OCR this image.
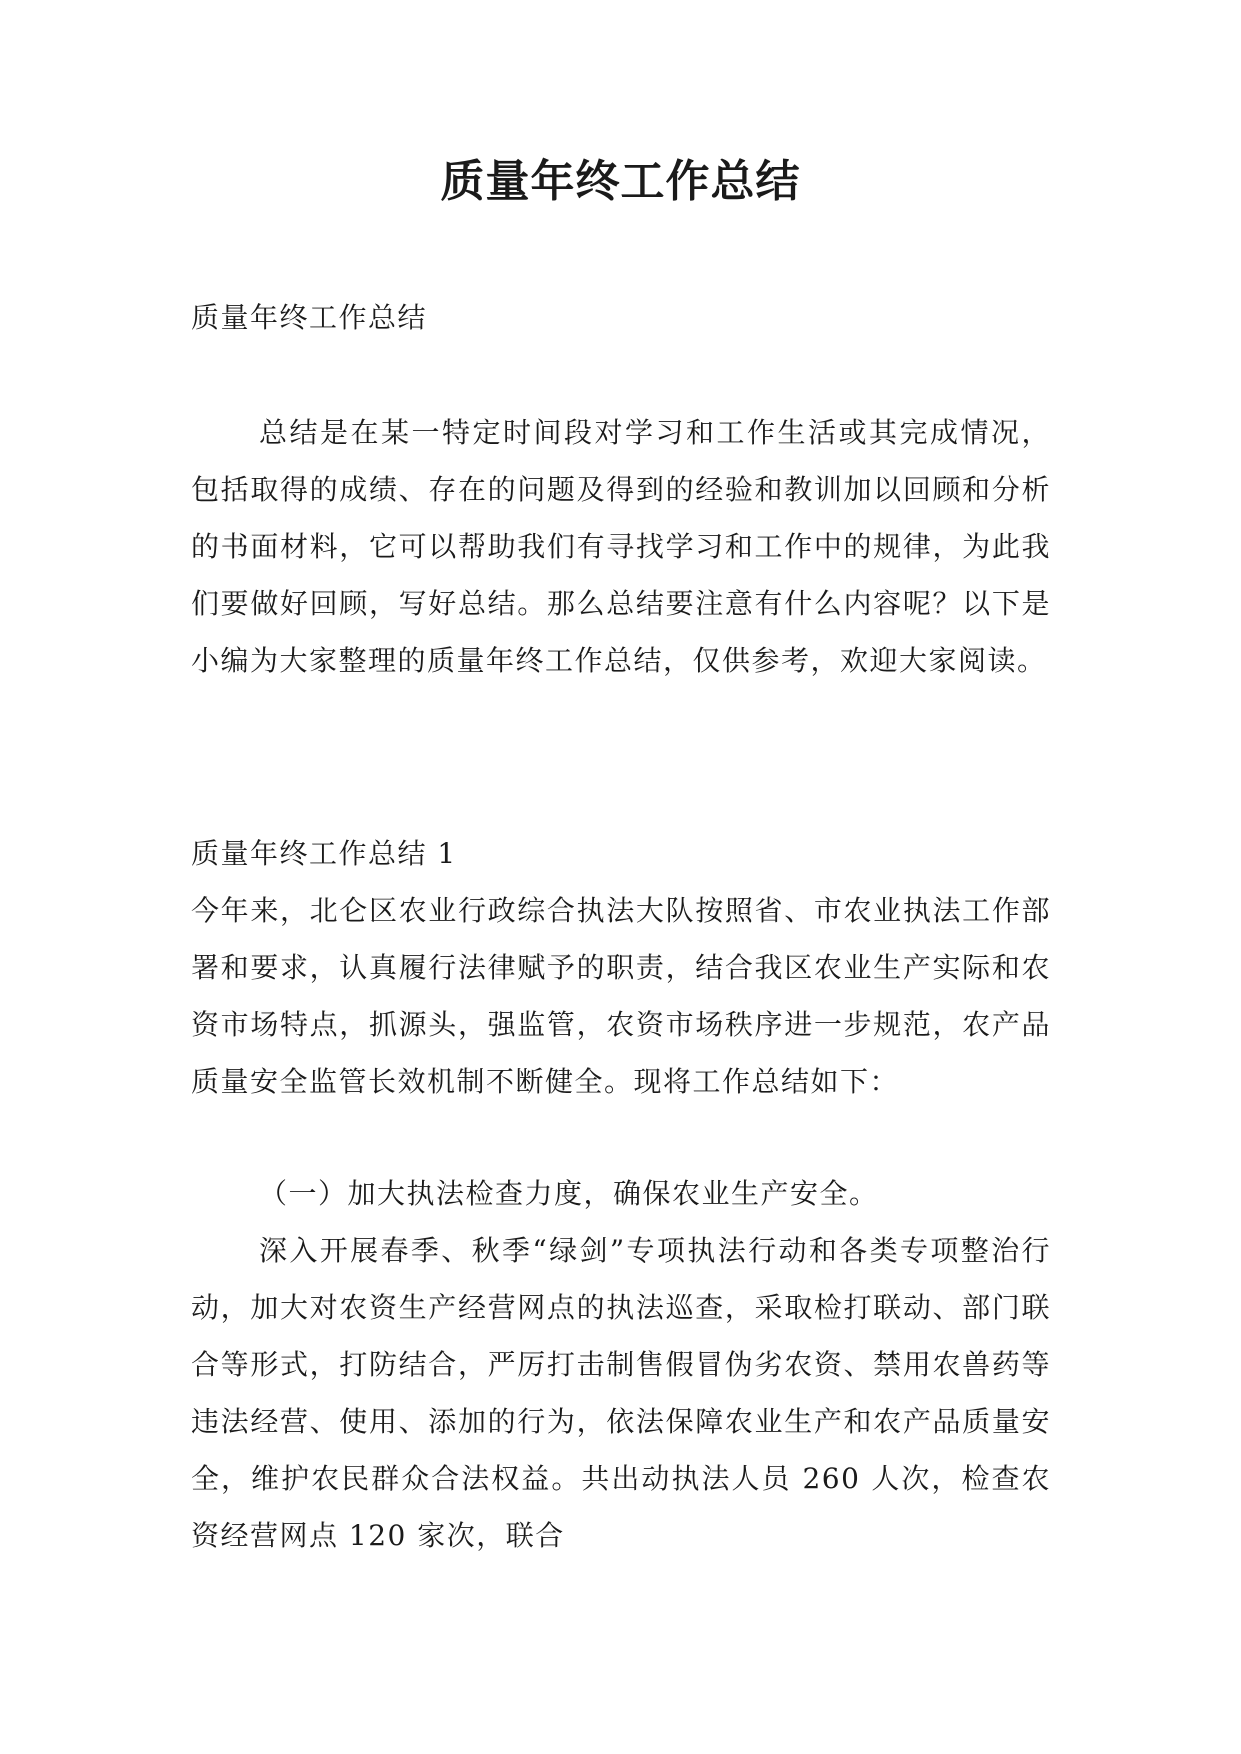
质量年终工作总结

质量年终工作总结

总结是在某一特定时间段对学习和工作生活或其完成情况，包括取得的成绩、存在的问题及得到的经验和教训加以回顾和分析的书面材料，它可以帮助我们有寻找学习和工作中的规律，为此我们要做好回顾，写好总结。那么总结要注意有什么内容呢？以下是小编为大家整理的质量年终工作总结，仅供参考，欢迎大家阅读。

质量年终工作总结 1
今年来，北仑区农业行政综合执法大队按照省、市农业执法工作部署和要求，认真履行法律赋予的职责，结合我区农业生产实际和农资市场特点，抓源头，强监管，农资市场秩序进一步规范，农产品质量安全监管长效机制不断健全。现将工作总结如下：

（一）加大执法检查力度，确保农业生产安全。

深入开展春季、秋季“绿剑”专项执法行动和各类专项整治行动，加大对农资生产经营网点的执法巡查，采取检打联动、部门联合等形式，打防结合，严厉打击制售假冒伪劣农资、禁用农兽药等违法经营、使用、添加的行为，依法保障农业生产和农产品质量安全，维护农民群众合法权益。共出动执法人员 260 人次，检查农资经营网点 120 家次，联合
